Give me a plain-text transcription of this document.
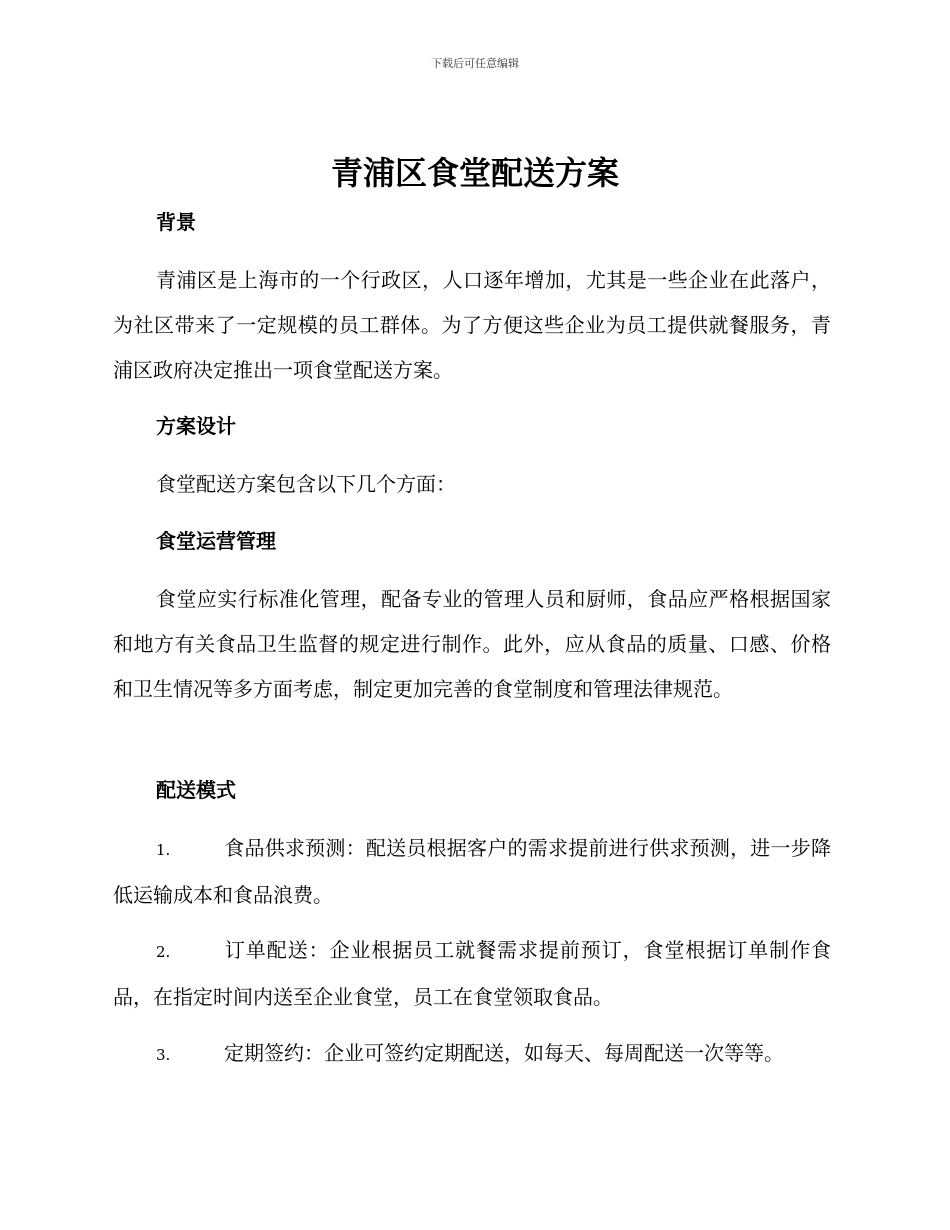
下载后可任意编辑
青浦区食堂配送方案
背景

青浦区是上海市的一个行政区，人口逐年增加，尤其是一些企业在此落户，为社区带来了一定规模的员工群体。为了方便这些企业为员工提供就餐服务，青浦区政府决定推出一项食堂配送方案。

方案设计

食堂配送方案包含以下几个方面：

食堂运营管理

食堂应实行标准化管理，配备专业的管理人员和厨师，食品应严格根据国家和地方有关食品卫生监督的规定进行制作。此外，应从食品的质量、口感、价格和卫生情况等多方面考虑，制定更加完善的食堂制度和管理法律规范。

配送模式

1.	食品供求预测：配送员根据客户的需求提前进行供求预测，进一步降低运输成本和食品浪费。

2.	订单配送：企业根据员工就餐需求提前预订，食堂根据订单制作食品，在指定时间内送至企业食堂，员工在食堂领取食品。

3.	定期签约：企业可签约定期配送，如每天、每周配送一次等等。
